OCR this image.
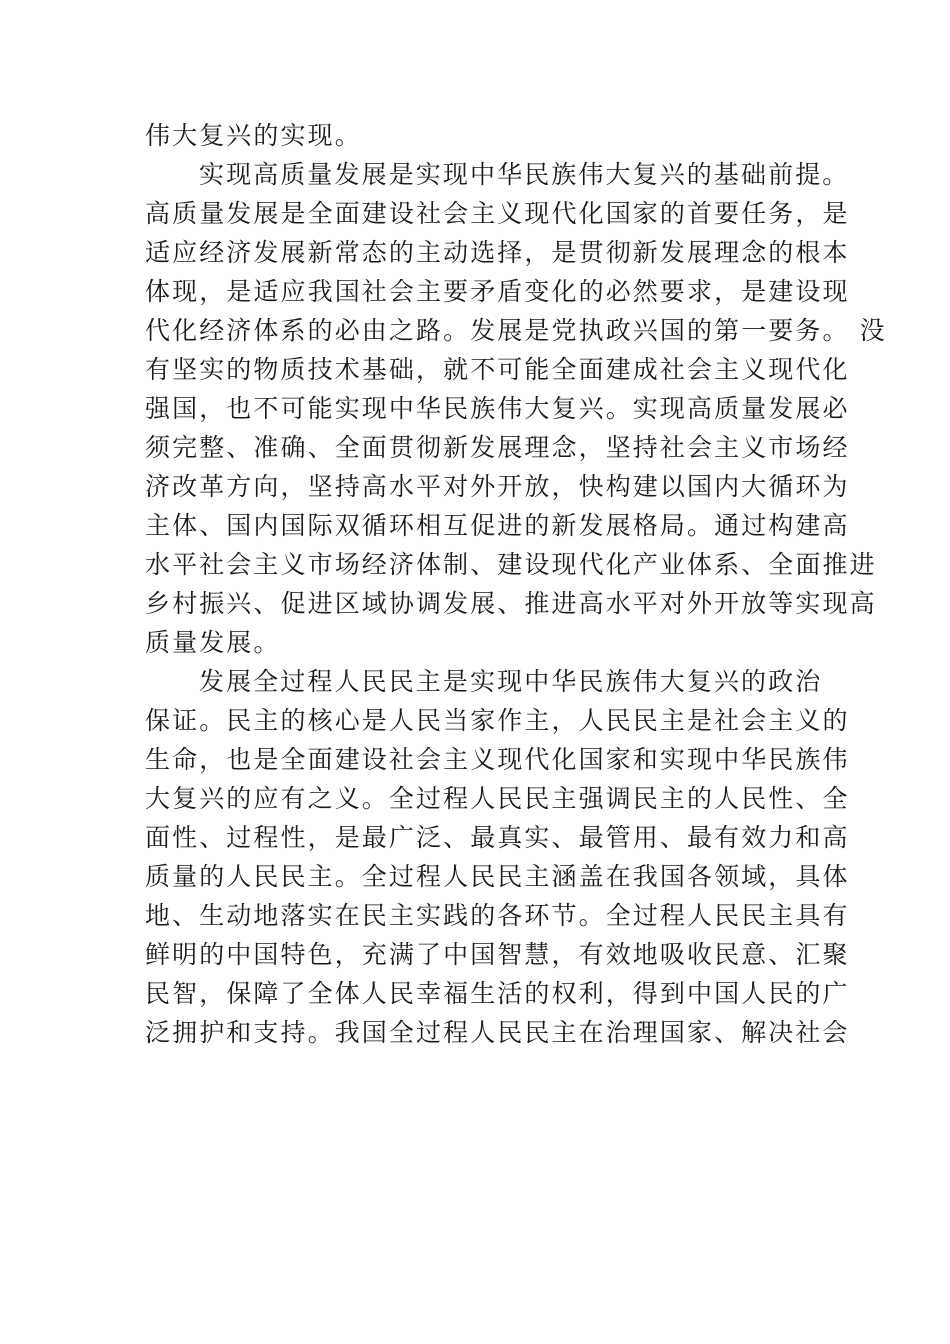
伟大复兴的实现。
实现高质量发展是实现中华民族伟大复兴的基础前提。
高质量发展是全面建设社会主义现代化国家的首要任务，是
适应经济发展新常态的主动选择，是贯彻新发展理念的根本
体现，是适应我国社会主要矛盾变化的必然要求，是建设现
代化经济体系的必由之路。发展是党执政兴国的第一要务。 没
有坚实的物质技术基础，就不可能全面建成社会主义现代化
强国，也不可能实现中华民族伟大复兴。实现高质量发展必
须完整、准确、全面贯彻新发展理念，坚持社会主义市场经
济改革方向，坚持高水平对外开放，快构建以国内大循环为
主体、国内国际双循环相互促进的新发展格局。通过构建高
水平社会主义市场经济体制、建设现代化产业体系、全面推进
乡村振兴、促进区域协调发展、推进高水平对外开放等实现高
质量发展。
发展全过程人民民主是实现中华民族伟大复兴的政治
保证。民主的核心是人民当家作主，人民民主是社会主义的
生命，也是全面建设社会主义现代化国家和实现中华民族伟
大复兴的应有之义。全过程人民民主强调民主的人民性、全
面性、过程性，是最广泛、最真实、最管用、最有效力和高
质量的人民民主。全过程人民民主涵盖在我国各领域，具体
地、生动地落实在民主实践的各环节。全过程人民民主具有
鲜明的中国特色，充满了中国智慧，有效地吸收民意、汇聚
民智，保障了全体人民幸福生活的权利，得到中国人民的广
泛拥护和支持。我国全过程人民民主在治理国家、解决社会
